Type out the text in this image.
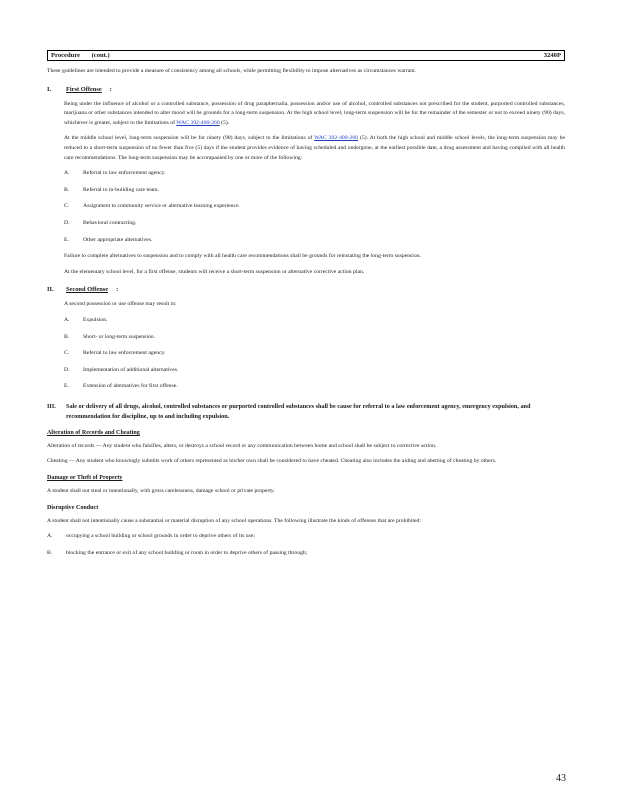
Procedure       (cont.)	3240P

These guidelines are intended to provide a measure of consistency among all schools, while permitting flexibility to impose alternatives as circumstances warrant.

I.	First Offense :

Being under the influence of alcohol or a controlled substance, possession of drug paraphernalia, possession and/or use of alcohol, controlled substances not prescribed for the student, purported controlled substances, marijuana or other substances intended to alter mood will be grounds for a long-term suspension. At the high school level, long-term suspension will be for the remainder of the semester or not to exceed ninety (90) days, whichever is greater, subject to the limitations of WAC 392-400-260 (5).

At the middle school level, long-term suspension will be for ninety (90) days, subject to the limitations of WAC 392-400-260 (5). At both the high school and middle school levels, the long-term suspension may be reduced to a short-term suspension of no fewer than five (5) days if the student provides evidence of having scheduled and undergone, at the earliest possible date, a drug assessment and having complied with all health care recommendations. The long-term suspension may be accompanied by one or more of the following:

A.	Referral to law enforcement agency.
B.	Referral to in-building care team.
C.	Assignment to community service or alternative learning experience.
D.	Behavioral contracting.
E.	Other appropriate alternatives.

Failure to complete alternatives to suspension and to comply with all health care recommendations shall be grounds for reinstating the long-term suspension.

At the elementary school level, for a first offense, students will receive a short-term suspension or alternative corrective action plan.

II.	Second Offense :

A second possession or use offense may result in:

A.	Expulsion.
B.	Short- or long-term suspension.
C.	Referral to law enforcement agency.
D.	Implementation of additional alternatives.
E.	Extension of alternatives for first offense.
III.	Sale or delivery of all drugs, alcohol, controlled substances or purported controlled substances shall be cause for referral to a law enforcement agency, emergency expulsion, and recommendation for discipline, up to and including expulsion.
Alteration of Records and Cheating

Alteration of records — Any student who falsifies, alters, or destroys a school record or any communication between home and school shall be subject to corrective action.

Cheating — Any student who knowingly submits work of others represented as his/her own shall be considered to have cheated. Cheating also includes the aiding and abetting of cheating by others.

Damage or Theft of Property

A student shall not steal or intentionally, with gross carelessness, damage school or private property.

Disruptive Conduct

A student shall not intentionally cause a substantial or material disruption of any school operations. The following illustrate the kinds of offenses that are prohibited:

A.	occupying a school building or school grounds in order to deprive others of its use;
B.	blocking the entrance or exit of any school building or room in order to deprive others of passing through;
43
